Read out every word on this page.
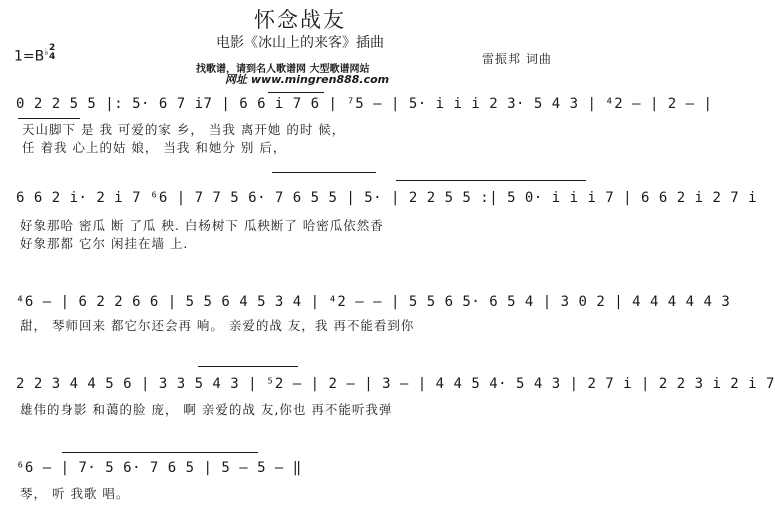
怀念战友
电影《冰山上的来客》插曲
1=B♭ 2
4	雷振邦 词曲
找歌谱，请到名人歌谱网 大型歌谱网站
网址 www.mingren888.com
0 2 2 5 5 |: 5· 6 7 i7 | 6 6 i 7 6 | ⁷5 — | 5· i i i 2 3· 5 4 3 | ⁴2 — | 2 — |
天山脚下 是 我 可爱的家 乡， 当我 离开她 的时 候，
任 着我 心上的姑 娘， 当我 和她分 别 后，
6 6 2 i· 2 i 7 ⁶6 | 7 7 5 6· 7 6 5 5 | 5· | 2 2 5 5 :| 5 0· i i i 7 | 6 6 2 i 2 7 i
好象那哈 密瓜 断 了瓜 秧. 白杨树下 瓜秧断了 哈密瓜依然香
好象那都 它尔 闲挂在墙 上.
⁴6 — | 6 2 2 6 6 | 5 5 6 4 5 3 4 | ⁴2 — — | 5 5 6 5· 6 5 4 | 3 0 2 | 4 4 4 4 4 3
甜， 琴师回来 都它尔还会再 响。 亲爱的战 友，我 再不能看到你
2 2 3 4 4 5 6 | 3 3 5 4 3 | ⁵2 — | 2 — | 3 — | 4 4 5 4· 5 4 3 | 2 7 i | 2 2 3 i 2 i 7
雄伟的身影 和蔼的脸 庞， 啊 亲爱的战 友,你也 再不能听我弹
⁶6 — | 7· 5 6· 7 6 5 | 5 — 5 — ‖
琴， 听 我歌 唱。
